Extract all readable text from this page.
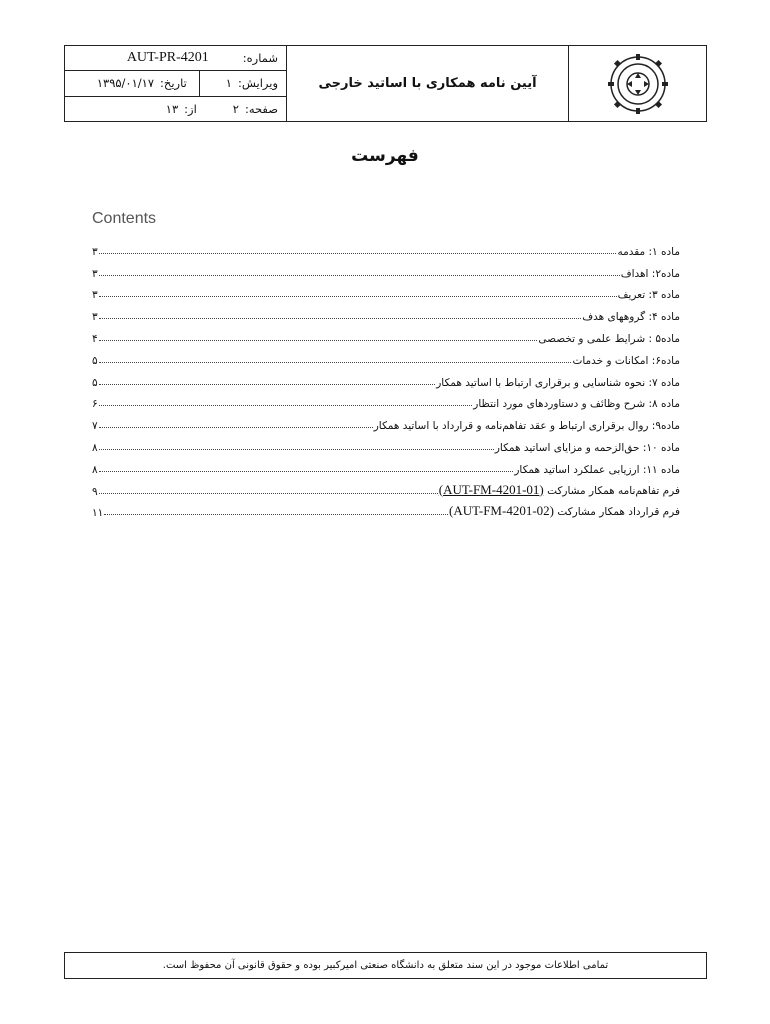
آیین نامه همکاری با اساتید خارجی
شماره:
AUT-PR-4201
ویرایش:
۱
تاریخ:
۱۳۹۵/۰۱/۱۷
صفحه:
۲
از:
۱۳
فهرست
Contents
ماده ۱: مقدمه
۳
ماده۲: اهداف
۳
ماده ۳: تعریف
۳
ماده ۴: گروههای هدف
۳
ماده۵ : شرایط علمی و تخصصی
۴
ماده۶: امکانات و خدمات
۵
ماده ۷: نحوه شناسایی و برقراری ارتباط با اساتید همکار
۵
ماده ۸: شرح وظائف و دستاوردهای مورد انتظار
۶
ماده۹: روال برقراری ارتباط و عقد تفاهم‌نامه و قرارداد با اساتید همکار
۷
ماده ۱۰: حق‌الزحمه و مزایای اساتید همکار
۸
ماده ۱۱: ارزیابی عملکرد اساتید همکار
۸
فرم تفاهم‌نامه همکار مشارکت (AUT-FM-4201-01)
۹
فرم قرارداد همکار مشارکت (AUT-FM-4201-02)
۱۱
تمامی اطلاعات موجود در این سند متعلق به دانشگاه صنعتی امیرکبیر بوده و حقوق قانونی آن محفوظ است.
